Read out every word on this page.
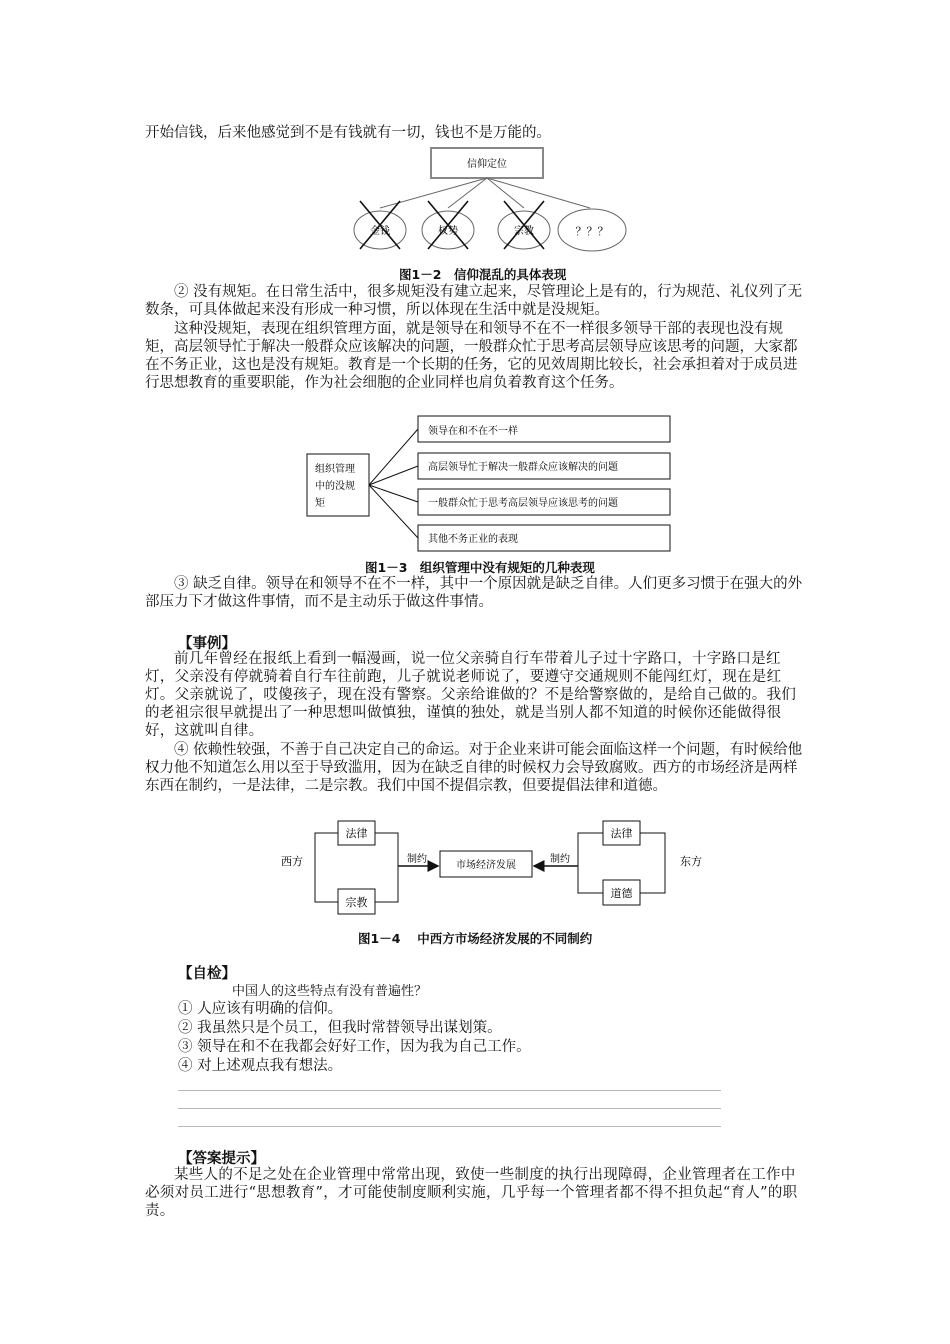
开始信钱，后来他感觉到不是有钱就有一切，钱也不是万能的。
信仰定位
金钱	权势	宗教	？？？
图1－2　信仰混乱的具体表现
② 没有规矩。在日常生活中，很多规矩没有建立起来，尽管理论上是有的，行为规范、礼仪列了无数条，可具体做起来没有形成一种习惯，所以体现在生活中就是没规矩。
这种没规矩，表现在组织管理方面，就是领导在和领导不在不一样很多领导干部的表现也没有规矩，高层领导忙于解决一般群众应该解决的问题，一般群众忙于思考高层领导应该思考的问题，大家都在不务正业，这也是没有规矩。教育是一个长期的任务，它的见效周期比较长，社会承担着对于成员进行思想教育的重要职能，作为社会细胞的企业同样也肩负着教育这个任务。
组织管理
中的没规
矩
领导在和不在不一样
高层领导忙于解决一般群众应该解决的问题
一般群众忙于思考高层领导应该思考的问题
其他不务正业的表现
图1－3　组织管理中没有规矩的几种表现
③ 缺乏自律。领导在和领导不在不一样，其中一个原因就是缺乏自律。人们更多习惯于在强大的外部压力下才做这件事情，而不是主动乐于做这件事情。
【事例】
前几年曾经在报纸上看到一幅漫画，说一位父亲骑自行车带着儿子过十字路口，十字路口是红灯，父亲没有停就骑着自行车往前跑，儿子就说老师说了，要遵守交通规则不能闯红灯，现在是红灯。父亲就说了，哎傻孩子，现在没有警察。父亲给谁做的？不是给警察做的，是给自己做的。我们的老祖宗很早就提出了一种思想叫做慎独，谨慎的独处，就是当别人都不知道的时候你还能做得很好，这就叫自律。
④ 依赖性较强，不善于自己决定自己的命运。对于企业来讲可能会面临这样一个问题，有时候给他权力他不知道怎么用以至于导致滥用，因为在缺乏自律的时候权力会导致腐败。西方的市场经济是两样东西在制约，一是法律，二是宗教。我们中国不提倡宗教，但要提倡法律和道德。
西方	东方
法律
宗教
制约
市场经济发展
制约
法律
道德
图1－4　 中西方市场经济发展的不同制约
【自检】
中国人的这些特点有没有普遍性？
① 人应该有明确的信仰。
② 我虽然只是个员工，但我时常替领导出谋划策。
③ 领导在和不在我都会好好工作，因为我为自己工作。
④ 对上述观点我有想法。
【答案提示】
某些人的不足之处在企业管理中常常出现，致使一些制度的执行出现障碍，企业管理者在工作中必须对员工进行“思想教育”，才可能使制度顺利实施，几乎每一个管理者都不得不担负起“育人”的职责。
